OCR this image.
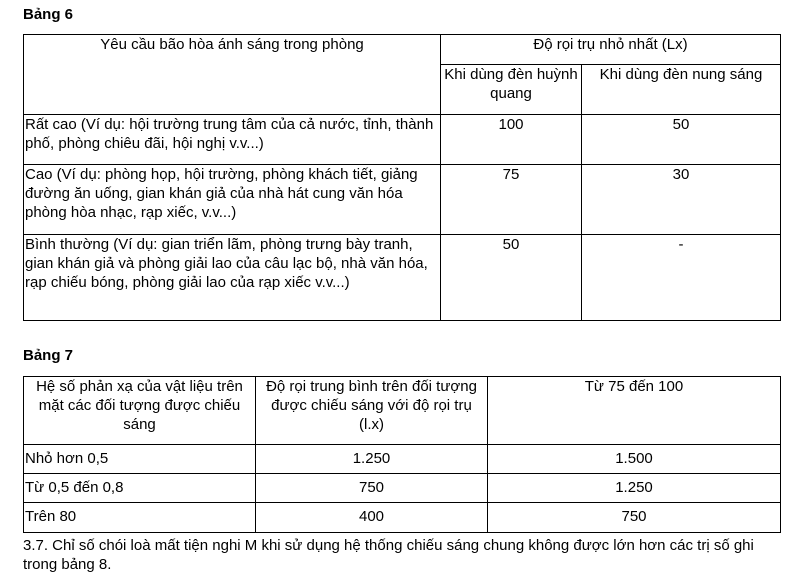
Bảng 6
Yêu cầu bão hòa ánh sáng trong phòng	Độ rọi trụ nhỏ nhất (Lx)	
	Khi dùng đèn huỳnh quang	Khi dùng đèn nung sáng
Rất cao (Ví dụ: hội trường trung tâm của cả nước, tỉnh, thành phố, phòng chiêu đãi, hội nghị v.v...)	100	50
Cao (Ví dụ: phòng họp, hội trường, phòng khách tiết, giảng đường ăn uống, gian khán giả của nhà hát cung văn hóa phòng hòa nhạc, rạp xiếc, v.v...)	75	30
Bình thường (Ví dụ: gian triển lãm, phòng trưng bày tranh, gian khán giả và phòng giải lao của câu lạc bộ, nhà văn hóa, rạp chiếu bóng, phòng giải lao của rạp xiếc v.v...)	50	-
Bảng 7
Hệ số phản xạ của vật liệu trên mặt các đối tượng được chiếu sáng	Độ rọi trung bình trên đối tượng được chiếu sáng với độ rọi trụ (l.x)	Từ 75 đến 100
Nhỏ hơn 0,5	1.250	1.500
Từ 0,5 đến 0,8	750	1.250
Trên 80	400	750
3.7. Chỉ số chói loà mất tiện nghi M khi sử dụng hệ thống chiếu sáng chung không được lớn hơn các trị số ghi trong bảng 8.
